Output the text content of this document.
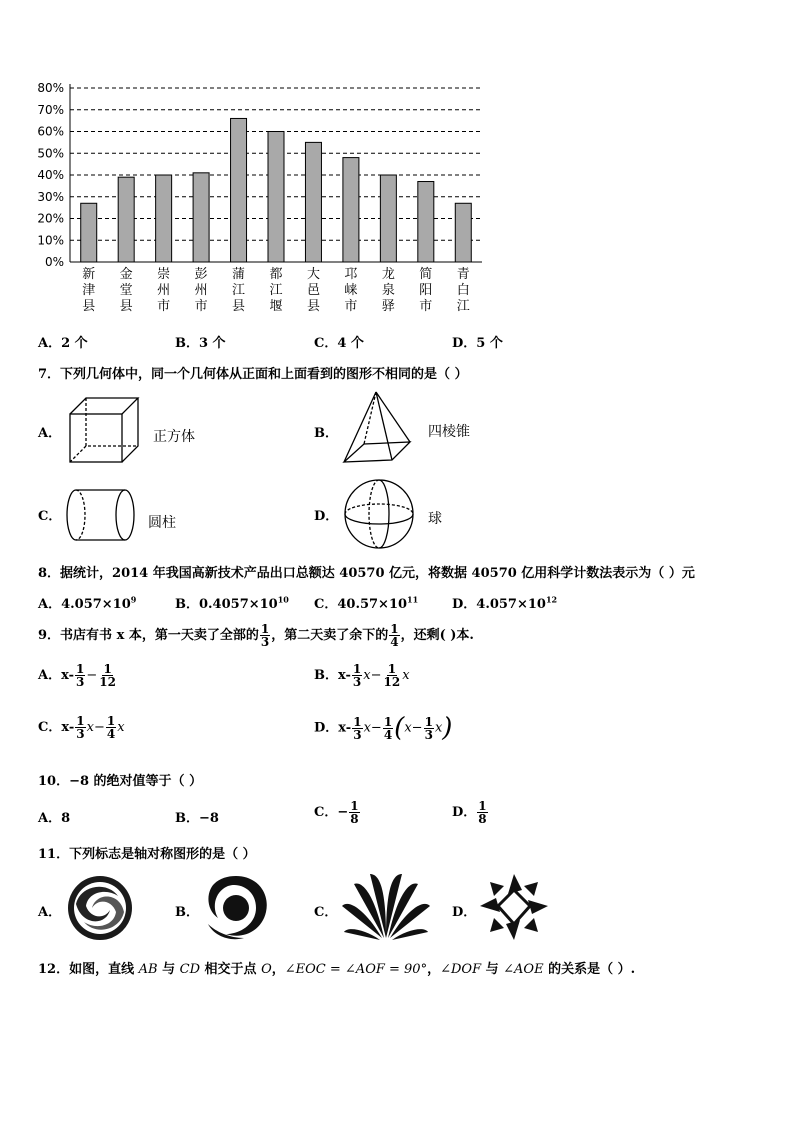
0%
10%
20%
30%
40%
50%
60%
70%
80%
新
津
县
金
堂
县
崇
州
市
彭
州
市
蒲
江
县
都
江
堰
大
邑
县
邛
崃
市
龙
泉
驿
简
阳
市
青
白
江
A．2 个	B．3 个	C．4 个	D．5 个
7．下列几何体中，同一个几何体从正面和上面看到的图形不相同的是（ ）
A．	正方体	B．	四棱锥
C．	圆柱	D．	球
8．据统计，2014 年我国高新技术产品出口总额达 40570 亿元，将数据 40570 亿用科学计数法表示为（ ）元
A．$4.057\times 10^9$	B．$0.4057\times 10^{10}$ C．$40.57\times 10^{11}$	D．$4.057\times 10^{12}$
9．书店有书 x 本，第一天卖了全部的 $\frac{1}{3}$ ，第二天卖了余下的 $\frac{1}{4}$ ，还剩( )本.
A．$x- \frac{1}{3} - \frac{1}{12}$	B．$x- \frac{1}{3} x- \frac{1}{12}$ x
C．$x- \frac{1}{3} x- \frac{1}{4}$ x	D．$x- \frac{1}{3} x- \frac{1}{4} (x- \frac{1}{3} x)$
10．−8 的绝对值等于（ ）
A．8	B．−8	C．− $\frac{1}{8}$	D． $\frac{1}{8}$
11．下列标志是轴对称图形的是（ ）
A．	B．	C．	D．
12．如图，直线 AB 与 CD 相交于点 O，∠EOC = ∠AOF = 90°，∠DOF 与 ∠AOE 的关系是（ ）.
